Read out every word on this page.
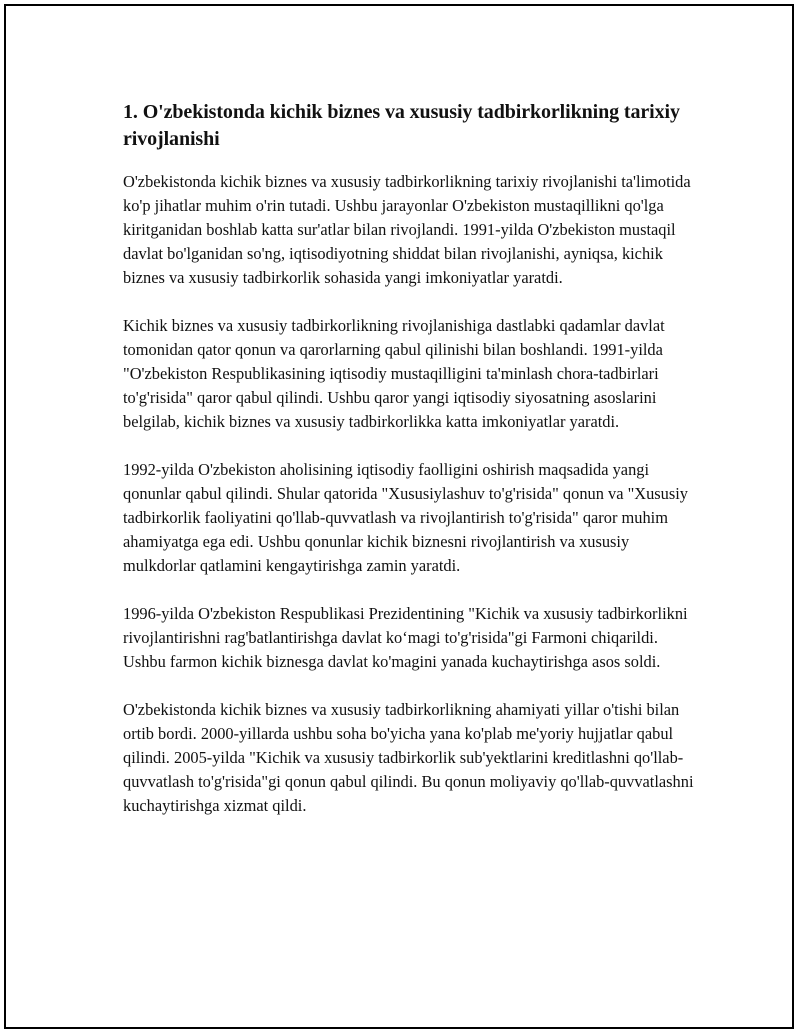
1. O'zbekistonda kichik biznes va xususiy tadbirkorlikning tarixiy rivojlanishi

O'zbekistonda kichik biznes va xususiy tadbirkorlikning tarixiy rivojlanishi ta'limotida ko'p jihatlar muhim o'rin tutadi. Ushbu jarayonlar O'zbekiston mustaqillikni qo'lga kiritganidan boshlab katta sur'atlar bilan rivojlandi. 1991-yilda O'zbekiston mustaqil davlat bo'lganidan so'ng, iqtisodiyotning shiddat bilan rivojlanishi, ayniqsa, kichik biznes va xususiy tadbirkorlik sohasida yangi imkoniyatlar yaratdi.

Kichik biznes va xususiy tadbirkorlikning rivojlanishiga dastlabki qadamlar davlat tomonidan qator qonun va qarorlarning qabul qilinishi bilan boshlandi. 1991-yilda "O'zbekiston Respublikasining iqtisodiy mustaqilligini ta'minlash chora-tadbirlari to'g'risida" qaror qabul qilindi. Ushbu qaror yangi iqtisodiy siyosatning asoslarini belgilab, kichik biznes va xususiy tadbirkorlikka katta imkoniyatlar yaratdi.

1992-yilda O'zbekiston aholisining iqtisodiy faolligini oshirish maqsadida yangi qonunlar qabul qilindi. Shular qatorida "Xususiylashuv to'g'risida" qonun va "Xususiy tadbirkorlik faoliyatini qo'llab-quvvatlash va rivojlantirish to'g'risida" qaror muhim ahamiyatga ega edi. Ushbu qonunlar kichik biznesni rivojlantirish va xususiy mulkdorlar qatlamini kengaytirishga zamin yaratdi.

1996-yilda O'zbekiston Respublikasi Prezidentining "Kichik va xususiy tadbirkorlikni rivojlantirishni rag'batlantirishga davlat ko‘magi to'g'risida"gi Farmoni chiqarildi. Ushbu farmon kichik biznesga davlat ko'magini yanada kuchaytirishga asos soldi.

O'zbekistonda kichik biznes va xususiy tadbirkorlikning ahamiyati yillar o'tishi bilan ortib bordi. 2000-yillarda ushbu soha bo'yicha yana ko'plab me'yoriy hujjatlar qabul qilindi. 2005-yilda "Kichik va xususiy tadbirkorlik sub'yektlarini kreditlashni qo'llab-quvvatlash to'g'risida"gi qonun qabul qilindi. Bu qonun moliyaviy qo'llab-quvvatlashni kuchaytirishga xizmat qildi.
